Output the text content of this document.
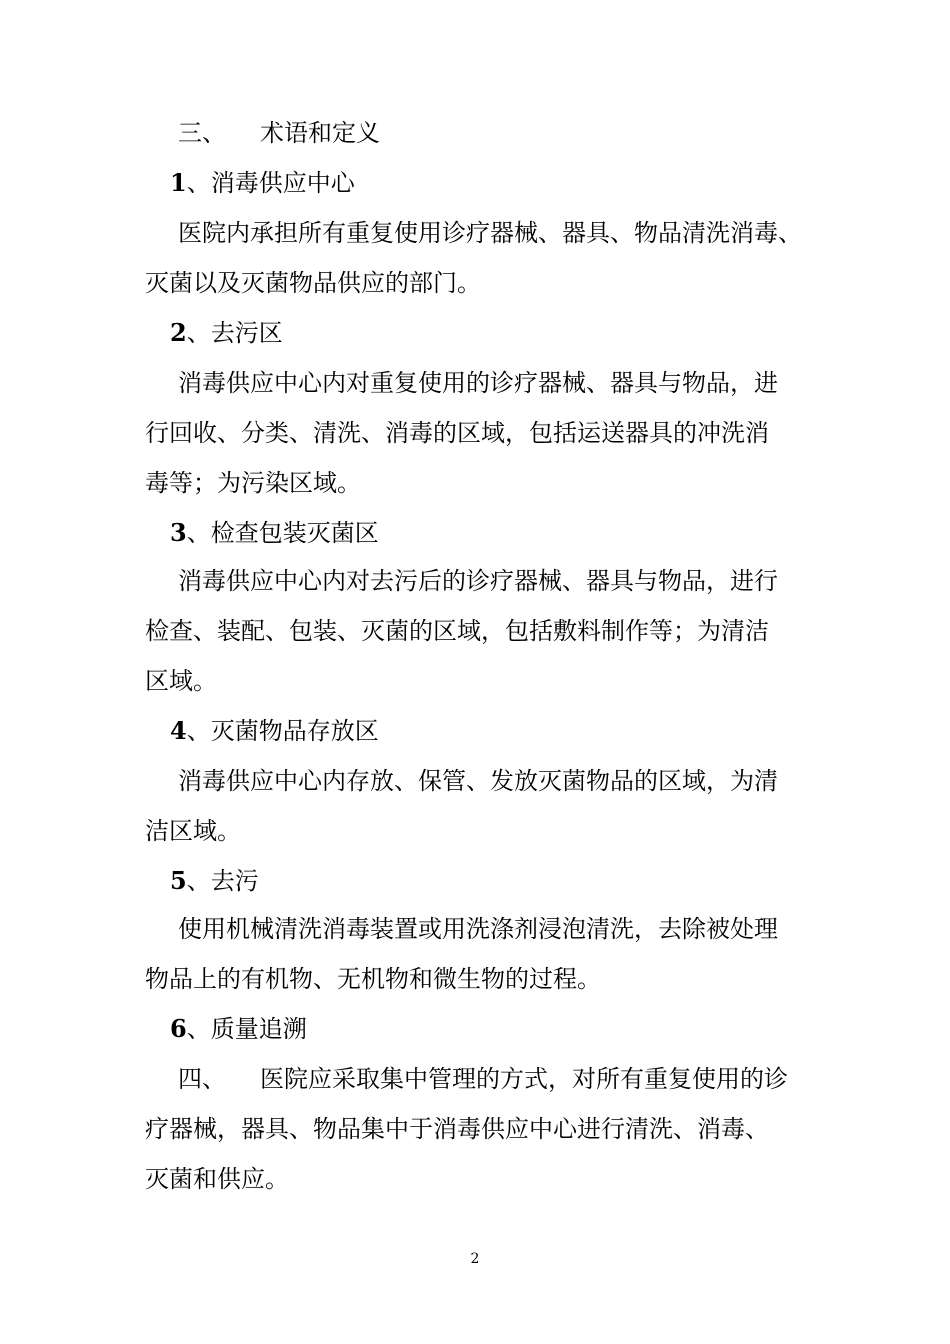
三、 术语和定义
1、消毒供应中心
医院内承担所有重复使用诊疗器械、器具、物品清洗消毒、
灭菌以及灭菌物品供应的部门。
2、去污区
消毒供应中心内对重复使用的诊疗器械、器具与物品，进
行回收、分类、清洗、消毒的区域，包括运送器具的冲洗消
毒等；为污染区域。
3、检查包装灭菌区
消毒供应中心内对去污后的诊疗器械、器具与物品，进行
检查、装配、包装、灭菌的区域，包括敷料制作等；为清洁
区域。
4、灭菌物品存放区
消毒供应中心内存放、保管、发放灭菌物品的区域，为清
洁区域。
5、去污
使用机械清洗消毒装置或用洗涤剂浸泡清洗，去除被处理
物品上的有机物、无机物和微生物的过程。
6、质量追溯
四、 医院应采取集中管理的方式，对所有重复使用的诊
疗器械，器具、物品集中于消毒供应中心进行清洗、消毒、
灭菌和供应。
2
